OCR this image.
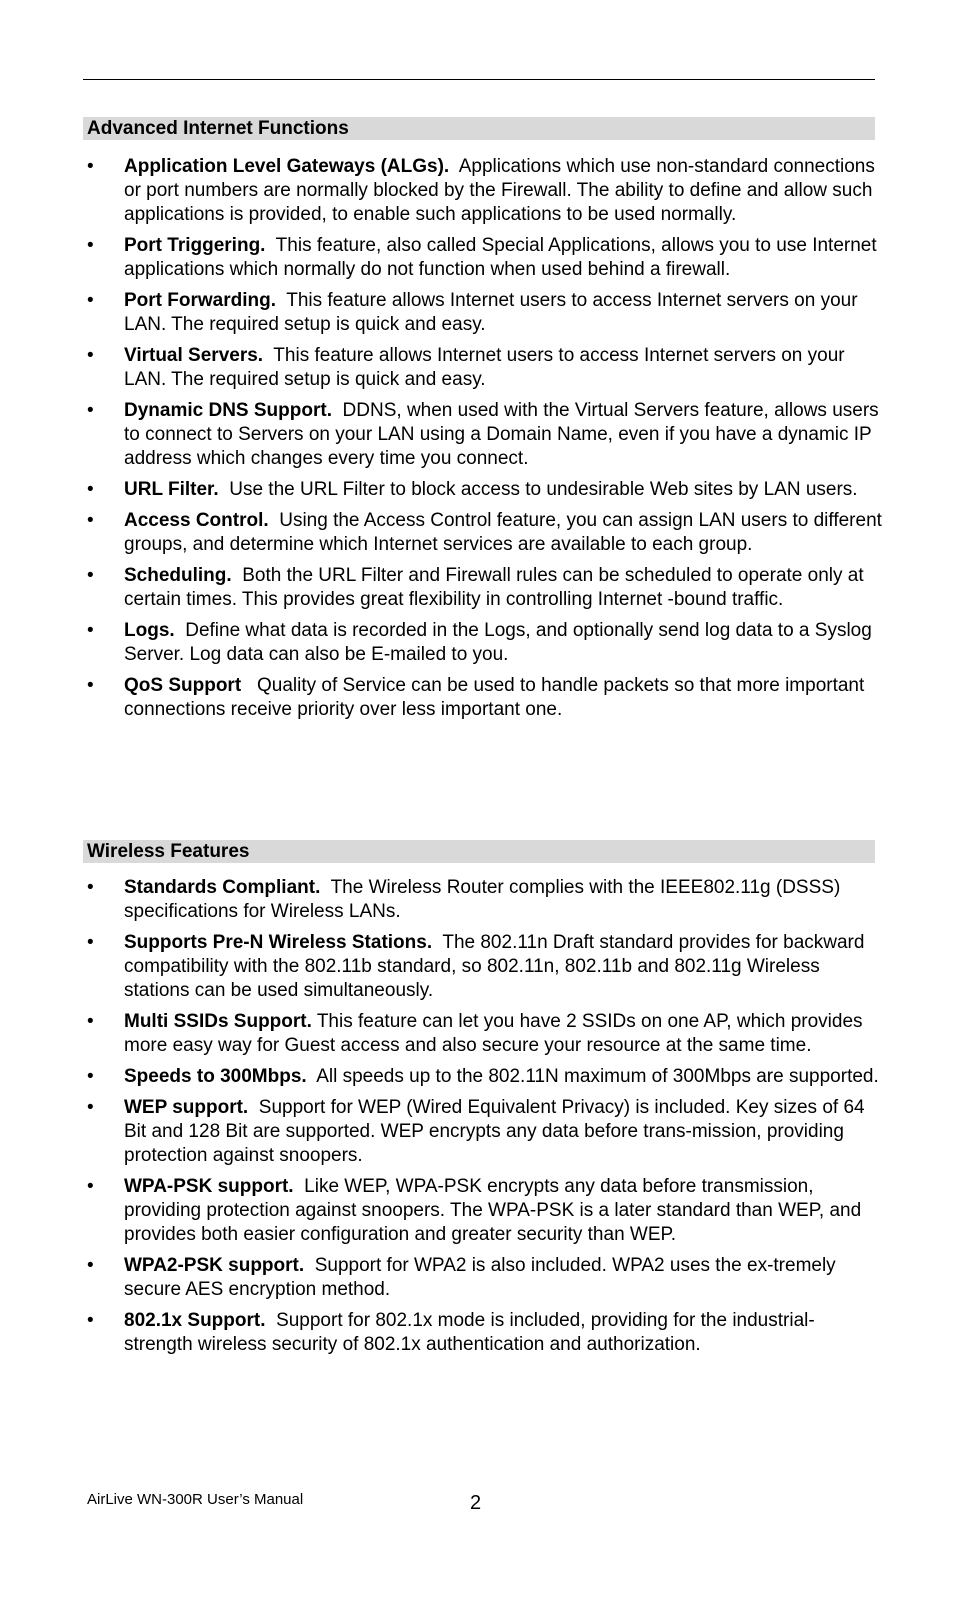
Advanced Internet Functions
• Application Level Gateways (ALGs). Applications which use non-standard connections or port numbers are normally blocked by the Firewall. The ability to define and allow such applications is provided, to enable such applications to be used normally.
• Port Triggering. This feature, also called Special Applications, allows you to use Internet applications which normally do not function when used behind a firewall.
• Port Forwarding. This feature allows Internet users to access Internet servers on your LAN. The required setup is quick and easy.
• Virtual Servers. This feature allows Internet users to access Internet servers on your LAN. The required setup is quick and easy.
• Dynamic DNS Support. DDNS, when used with the Virtual Servers feature, allows users to connect to Servers on your LAN using a Domain Name, even if you have a dynamic IP address which changes every time you connect.
• URL Filter. Use the URL Filter to block access to undesirable Web sites by LAN users.
• Access Control. Using the Access Control feature, you can assign LAN users to different groups, and determine which Internet services are available to each group.
• Scheduling. Both the URL Filter and Firewall rules can be scheduled to operate only at certain times. This provides great flexibility in controlling Internet -bound traffic.
• Logs. Define what data is recorded in the Logs, and optionally send log data to a Syslog Server. Log data can also be E-mailed to you.
• QoS Support Quality of Service can be used to handle packets so that more important connections receive priority over less important one.
Wireless Features
• Standards Compliant. The Wireless Router complies with the IEEE802.11g (DSSS) specifications for Wireless LANs.
• Supports Pre-N Wireless Stations. The 802.11n Draft standard provides for backward compatibility with the 802.11b standard, so 802.11n, 802.11b and 802.11g Wireless stations can be used simultaneously.
• Multi SSIDs Support. This feature can let you have 2 SSIDs on one AP, which provides more easy way for Guest access and also secure your resource at the same time.
• Speeds to 300Mbps. All speeds up to the 802.11N maximum of 300Mbps are supported.
• WEP support. Support for WEP (Wired Equivalent Privacy) is included. Key sizes of 64 Bit and 128 Bit are supported. WEP encrypts any data before trans-mission, providing protection against snoopers.
• WPA-PSK support. Like WEP, WPA-PSK encrypts any data before transmission, providing protection against snoopers. The WPA-PSK is a later standard than WEP, and provides both easier configuration and greater security than WEP.
• WPA2-PSK support. Support for WPA2 is also included. WPA2 uses the ex-tremely secure AES encryption method.
• 802.1x Support. Support for 802.1x mode is included, providing for the industrial-strength wireless security of 802.1x authentication and authorization.
AirLive WN-300R User’s Manual	2
